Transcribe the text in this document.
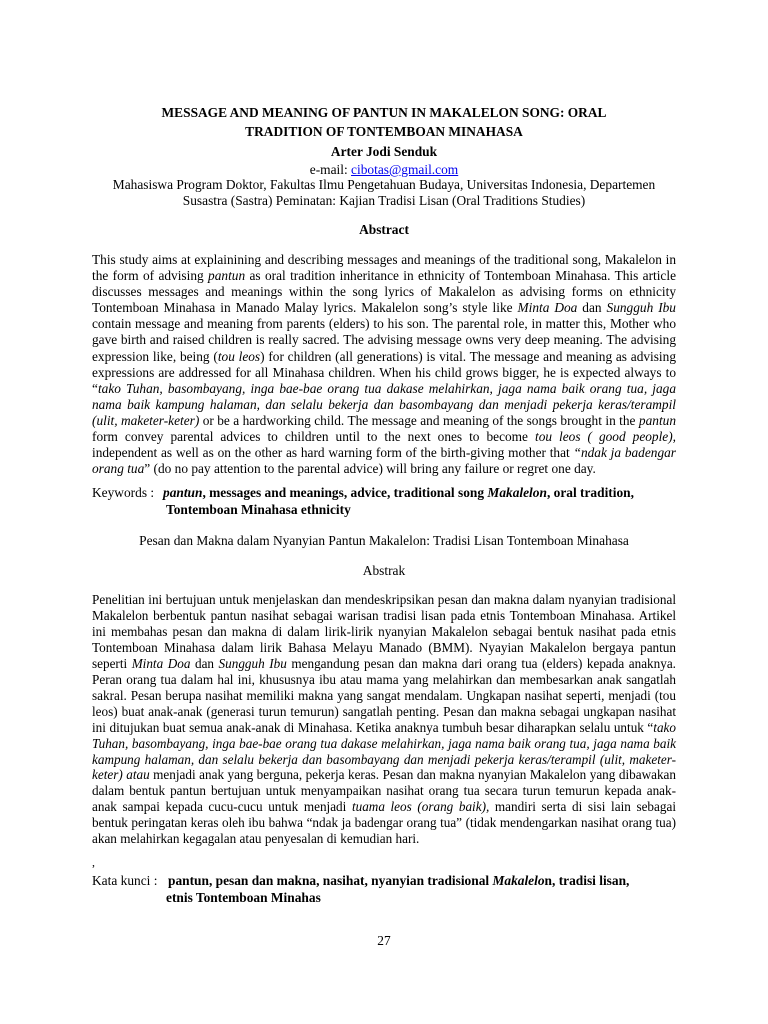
MESSAGE AND MEANING OF PANTUN IN MAKALELON SONG: ORAL
TRADITION OF TONTEMBOAN MINAHASA
Arter Jodi Senduk
e-mail: cibotas@gmail.com
Mahasiswa Program Doktor, Fakultas Ilmu Pengetahuan Budaya, Universitas Indonesia, Departemen
Susastra (Sastra) Peminatan: Kajian Tradisi Lisan (Oral Traditions Studies)
Abstract
This study aims at explainining and describing messages and meanings of the traditional song, Makalelon in the form of advising pantun as oral tradition inheritance in ethnicity of Tontemboan Minahasa. This article discusses messages and meanings within the song lyrics of Makalelon as advising forms on ethnicity Tontemboan Minahasa in Manado Malay lyrics. Makalelon song’s style like Minta Doa dan Sungguh Ibu contain message and meaning from parents (elders) to his son. The parental role, in matter this, Mother who gave birth and raised children is really sacred. The advising message owns very deep meaning. The advising expression like, being (tou leos) for children (all generations) is vital. The message and meaning as advising expressions are addressed for all Minahasa children. When his child grows bigger, he is expected always to “tako Tuhan, basombayang, inga bae-bae orang tua dakase melahirkan, jaga nama baik orang tua, jaga nama baik kampung halaman, dan selalu bekerja dan basombayang dan menjadi pekerja keras/terampil (ulit, maketer-keter) or be a hardworking child. The message and meaning of the songs brought in the pantun form convey parental advices to children until to the next ones to become tou leos ( good people), independent as well as on the other as hard warning form of the birth-giving mother that “ndak ja badengar orang tua” (do no pay attention to the parental advice) will bring any failure or regret one day.
Keywords :pantun, messages and meanings, advice, traditional song Makalelon, oral tradition,
Tontemboan Minahasa ethnicity
Pesan dan Makna dalam Nyanyian Pantun Makalelon: Tradisi Lisan Tontemboan Minahasa
Abstrak
Penelitian ini bertujuan untuk menjelaskan dan mendeskripsikan pesan dan makna dalam nyanyian tradisional Makalelon berbentuk pantun nasihat sebagai warisan tradisi lisan pada etnis Tontemboan Minahasa. Artikel ini membahas pesan dan makna di dalam lirik-lirik nyanyian Makalelon sebagai bentuk nasihat pada etnis Tontemboan Minahasa dalam lirik Bahasa Melayu Manado (BMM). Nyayian Makalelon bergaya pantun seperti Minta Doa dan Sungguh Ibu mengandung pesan dan makna dari orang tua (elders) kepada anaknya. Peran orang tua dalam hal ini, khususnya ibu atau mama yang melahirkan dan membesarkan anak sangatlah sakral. Pesan berupa nasihat memiliki makna yang sangat mendalam. Ungkapan nasihat seperti, menjadi (tou leos) buat anak-anak (generasi turun temurun) sangatlah penting. Pesan dan makna sebagai ungkapan nasihat ini ditujukan buat semua anak-anak di Minahasa. Ketika anaknya tumbuh besar diharapkan selalu untuk “tako Tuhan, basombayang, inga bae-bae orang tua dakase melahirkan, jaga nama baik orang tua, jaga nama baik kampung halaman, dan selalu bekerja dan basombayang dan menjadi pekerja keras/terampil (ulit, maketer-keter) atau menjadi anak yang berguna, pekerja keras. Pesan dan makna nyanyian Makalelon yang dibawakan dalam bentuk pantun bertujuan untuk menyampaikan nasihat orang tua secara turun temurun kepada anak-anak sampai kepada cucu-cucu untuk menjadi tuama leos (orang baik), mandiri serta di sisi lain sebagai bentuk peringatan keras oleh ibu bahwa “ndak ja badengar orang tua” (tidak mendengarkan nasihat orang tua) akan melahirkan kegagalan atau penyesalan di kemudian hari.
,
Kata kunci :pantun, pesan dan makna, nasihat, nyanyian tradisional Makalelon, tradisi lisan,
etnis Tontemboan Minahas
27
